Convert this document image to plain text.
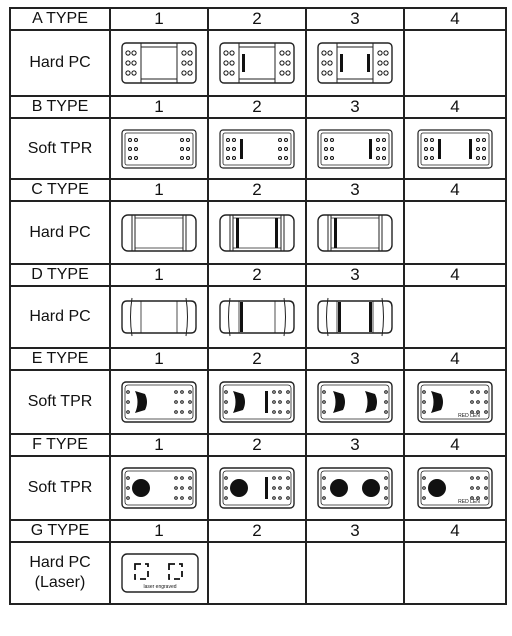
A TYPE	1	2	3	4
Hard PC	

B TYPE	1	2	3	4
Soft TPR	

C TYPE	1	2	3	4
Hard PC	

D TYPE	1	2	3	4
Hard PC	

E TYPE	1	2	3	4
Soft TPR				RED LEN

F TYPE	1	2	3	4
Soft TPR				RED LEN

G TYPE	1	2	3	4

Hard PC
(Laser)	laser engraved			
